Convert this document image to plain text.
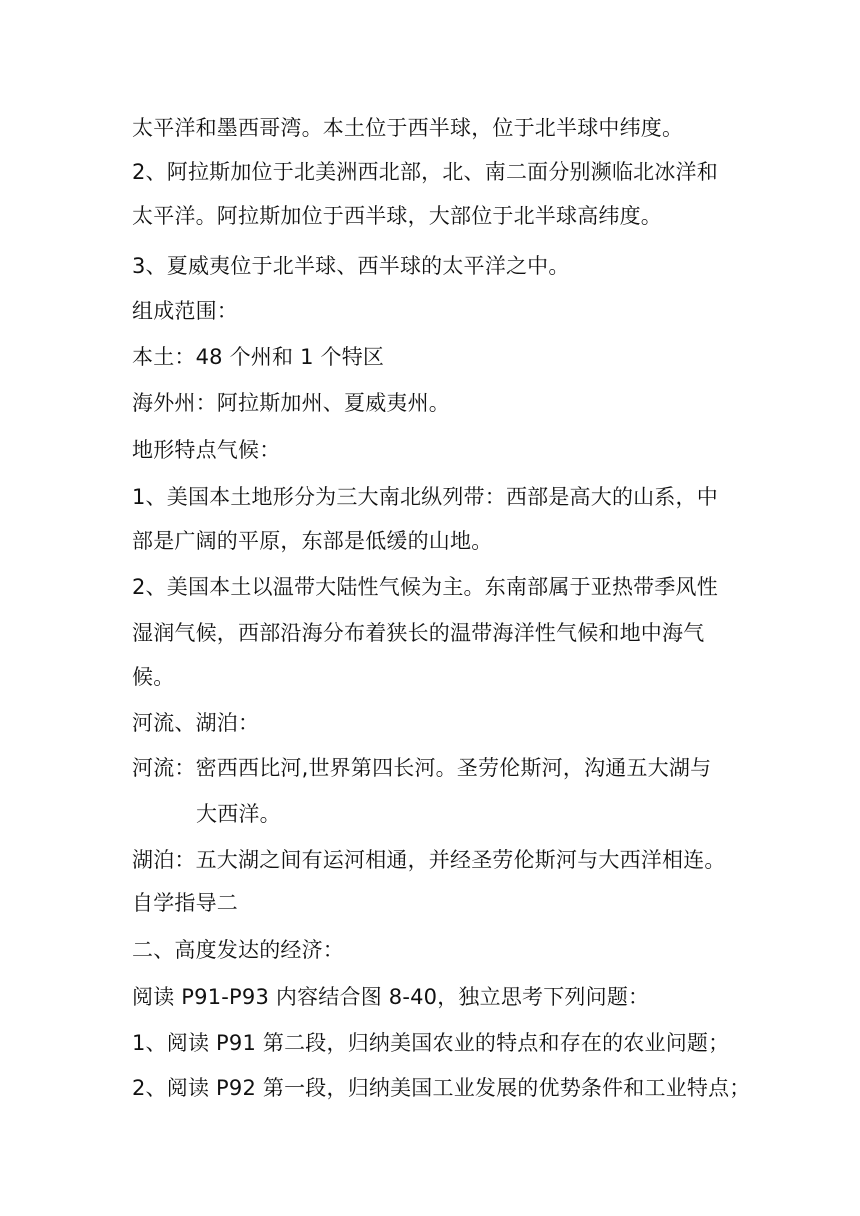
太平洋和墨西哥湾。本土位于西半球，位于北半球中纬度。
2、阿拉斯加位于北美洲西北部，北、南二面分别濒临北冰洋和
太平洋。阿拉斯加位于西半球，大部位于北半球高纬度。
3、夏威夷位于北半球、西半球的太平洋之中。
组成范围：
本土：48 个州和 1 个特区
海外州：阿拉斯加州、夏威夷州。
地形特点气候：
1、美国本土地形分为三大南北纵列带：西部是高大的山系，中
部是广阔的平原，东部是低缓的山地。
2、美国本土以温带大陆性气候为主。东南部属于亚热带季风性
湿润气候，西部沿海分布着狭长的温带海洋性气候和地中海气
候。
河流、湖泊：
河流：密西西比河,世界第四长河。圣劳伦斯河，沟通五大湖与
大西洋。
湖泊：五大湖之间有运河相通，并经圣劳伦斯河与大西洋相连。
自学指导二
二、高度发达的经济：
阅读 P91-P93 内容结合图 8-40，独立思考下列问题：
1、阅读 P91 第二段，归纳美国农业的特点和存在的农业问题；
2、阅读 P92 第一段，归纳美国工业发展的优势条件和工业特点；
